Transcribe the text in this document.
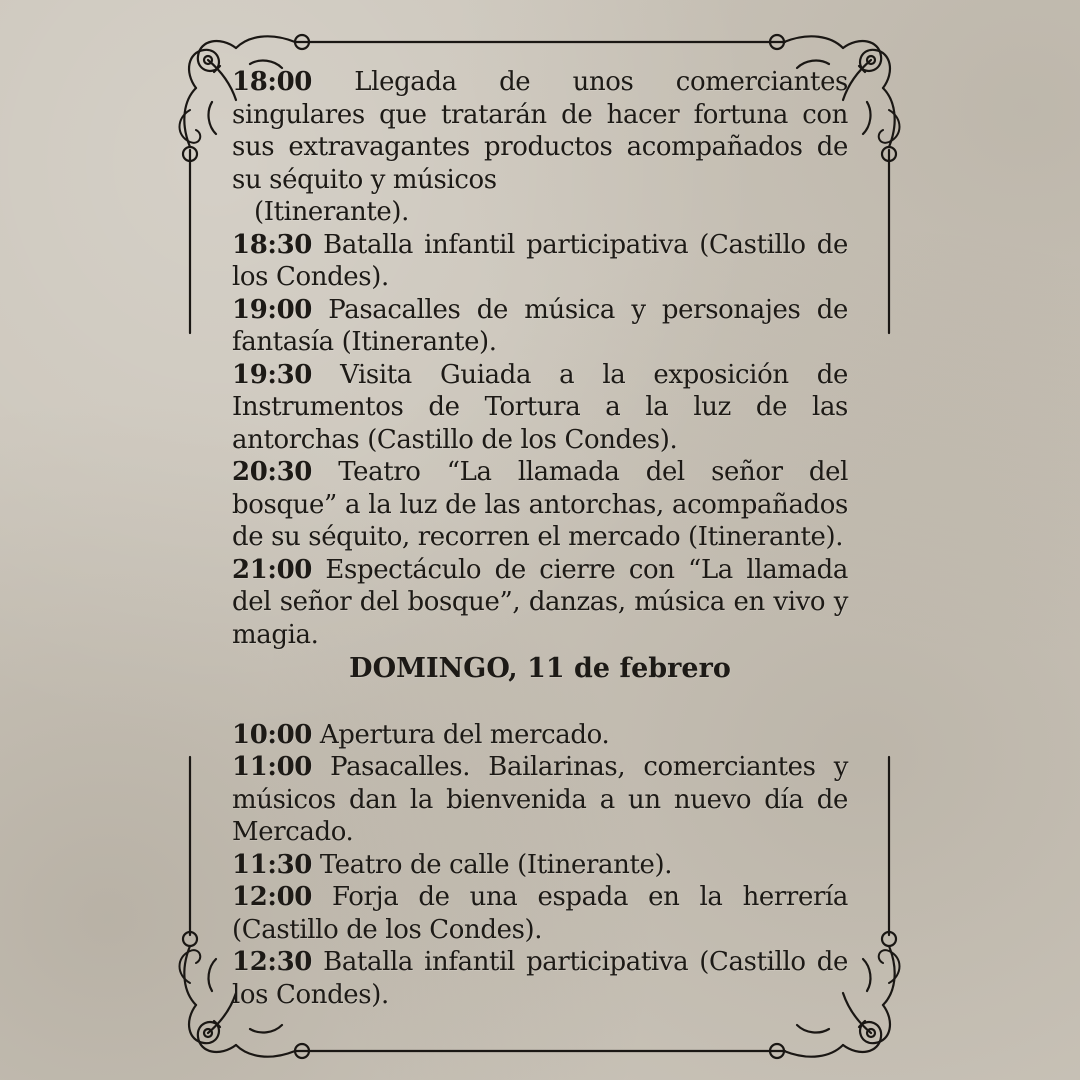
18:00 Llegada de unos comerciantes singulares que tratarán de hacer fortuna con sus extravagantes productos acompañados de su séquito y músicos

(Itinerante).

18:30 Batalla infantil participativa (Castillo de los Condes).

19:00 Pasacalles de música y personajes de fantasía (Itinerante).

19:30 Visita Guiada a la exposición de Instrumentos de Tortura a la luz de las antorchas (Castillo de los Condes).

20:30 Teatro “La llamada del señor del bosque” a la luz de las antorchas, acompañados de su séquito, recorren el mercado (Itinerante).

21:00 Espectáculo de cierre con “La llamada del señor del bosque”, danzas, música en vivo y magia.

DOMINGO, 11 de febrero

10:00 Apertura del mercado.

11:00 Pasacalles. Bailarinas, comerciantes y músicos dan la bienvenida a un nuevo día de Mercado.

11:30 Teatro de calle (Itinerante).

12:00 Forja de una espada en la herrería (Castillo de los Condes).

12:30 Batalla infantil participativa (Castillo de los Condes).
